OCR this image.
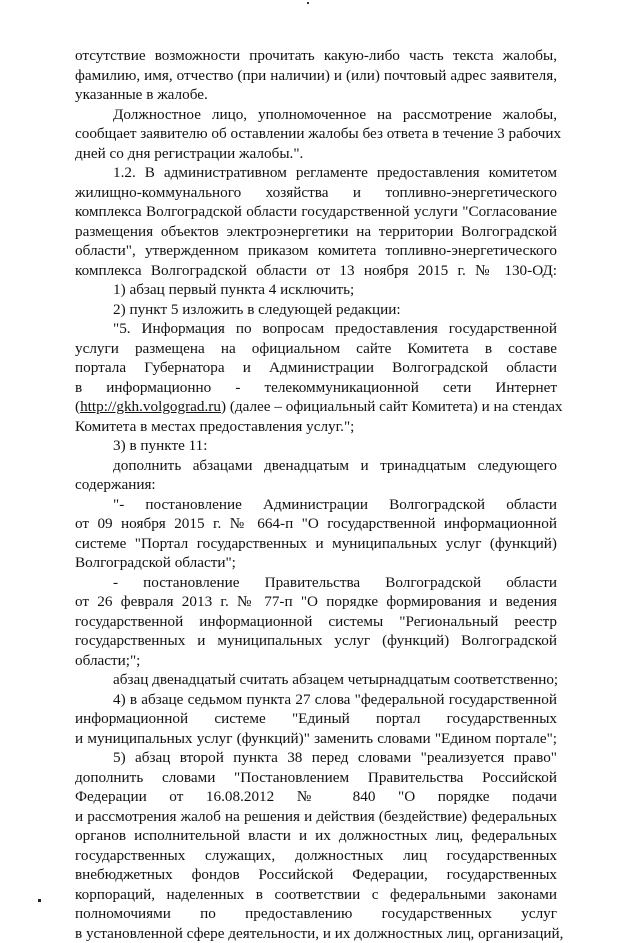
отсутствие возможности прочитать какую-либо часть текста жалобы,
фамилию, имя, отчество (при наличии) и (или) почтовый адрес заявителя,
указанные в жалобе.
Должностное лицо, уполномоченное на рассмотрение жалобы,
сообщает заявителю об оставлении жалобы без ответа в течение 3 рабочих
дней со дня регистрации жалобы.".
1.2. В административном регламенте предоставления комитетом
жилищно-коммунального хозяйства и топливно-энергетического
комплекса Волгоградской области государственной услуги "Согласование
размещения объектов электроэнергетики на территории Волгоградской
области", утвержденном приказом комитета топливно-энергетического
комплекса Волгоградской области от 13 ноября 2015 г. № 130-ОД:
1) абзац первый пункта 4 исключить;
2) пункт 5 изложить в следующей редакции:
"5. Информация по вопросам предоставления государственной
услуги размещена на официальном сайте Комитета в составе
портала Губернатора и Администрации Волгоградской области
в информационно - телекоммуникационной сети Интернет
(http://gkh.volgograd.ru) (далее – официальный сайт Комитета) и на стендах
Комитета в местах предоставления услуг.";
3) в пункте 11:
дополнить абзацами двенадцатым и тринадцатым следующего
содержания:
"- постановление Администрации Волгоградской области
от 09 ноября 2015 г. № 664-п "О государственной информационной
системе "Портал государственных и муниципальных услуг (функций)
Волгоградской области";
- постановление Правительства Волгоградской области
от 26 февраля 2013 г. № 77-п "О порядке формирования и ведения
государственной информационной системы "Региональный реестр
государственных и муниципальных услуг (функций) Волгоградской
области;";
абзац двенадцатый считать абзацем четырнадцатым соответственно;
4) в абзаце седьмом пункта 27 слова "федеральной государственной
информационной системе "Единый портал государственных
и муниципальных услуг (функций)" заменить словами "Едином портале";
5) абзац второй пункта 38 перед словами "реализуется право"
дополнить словами "Постановлением Правительства Российской
Федерации от 16.08.2012 № 840 "О порядке подачи
и рассмотрения жалоб на решения и действия (бездействие) федеральных
органов исполнительной власти и их должностных лиц, федеральных
государственных служащих, должностных лиц государственных
внебюджетных фондов Российской Федерации, государственных
корпораций, наделенных в соответствии с федеральными законами
полномочиями по предоставлению государственных услуг
в установленной сфере деятельности, и их должностных лиц, организаций,
